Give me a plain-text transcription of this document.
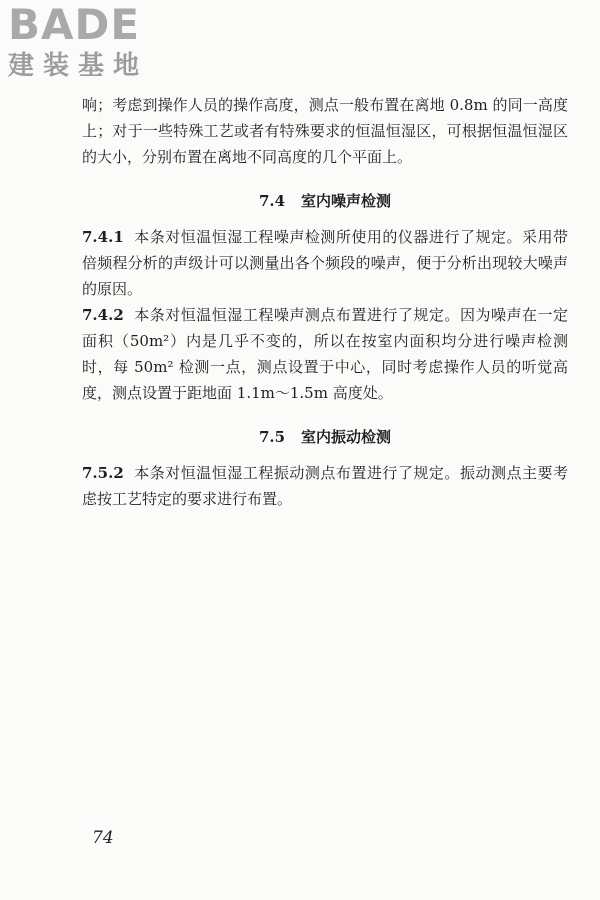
BADE
建装基地

响；考虑到操作人员的操作高度，测点一般布置在离地 0.8m 的同一高度上；对于一些特殊工艺或者有特殊要求的恒温恒湿区，可根据恒温恒湿区的大小，分别布置在离地不同高度的几个平面上。

7.4 室内噪声检测

7.4.1 本条对恒温恒湿工程噪声检测所使用的仪器进行了规定。采用带倍频程分析的声级计可以测量出各个频段的噪声，便于分析出现较大噪声的原因。

7.4.2 本条对恒温恒湿工程噪声测点布置进行了规定。因为噪声在一定面积（50m²）内是几乎不变的，所以在按室内面积均分进行噪声检测时，每 50m² 检测一点，测点设置于中心，同时考虑操作人员的听觉高度，测点设置于距地面 1.1m～1.5m 高度处。

7.5 室内振动检测

7.5.2 本条对恒温恒湿工程振动测点布置进行了规定。振动测点主要考虑按工艺特定的要求进行布置。

74
